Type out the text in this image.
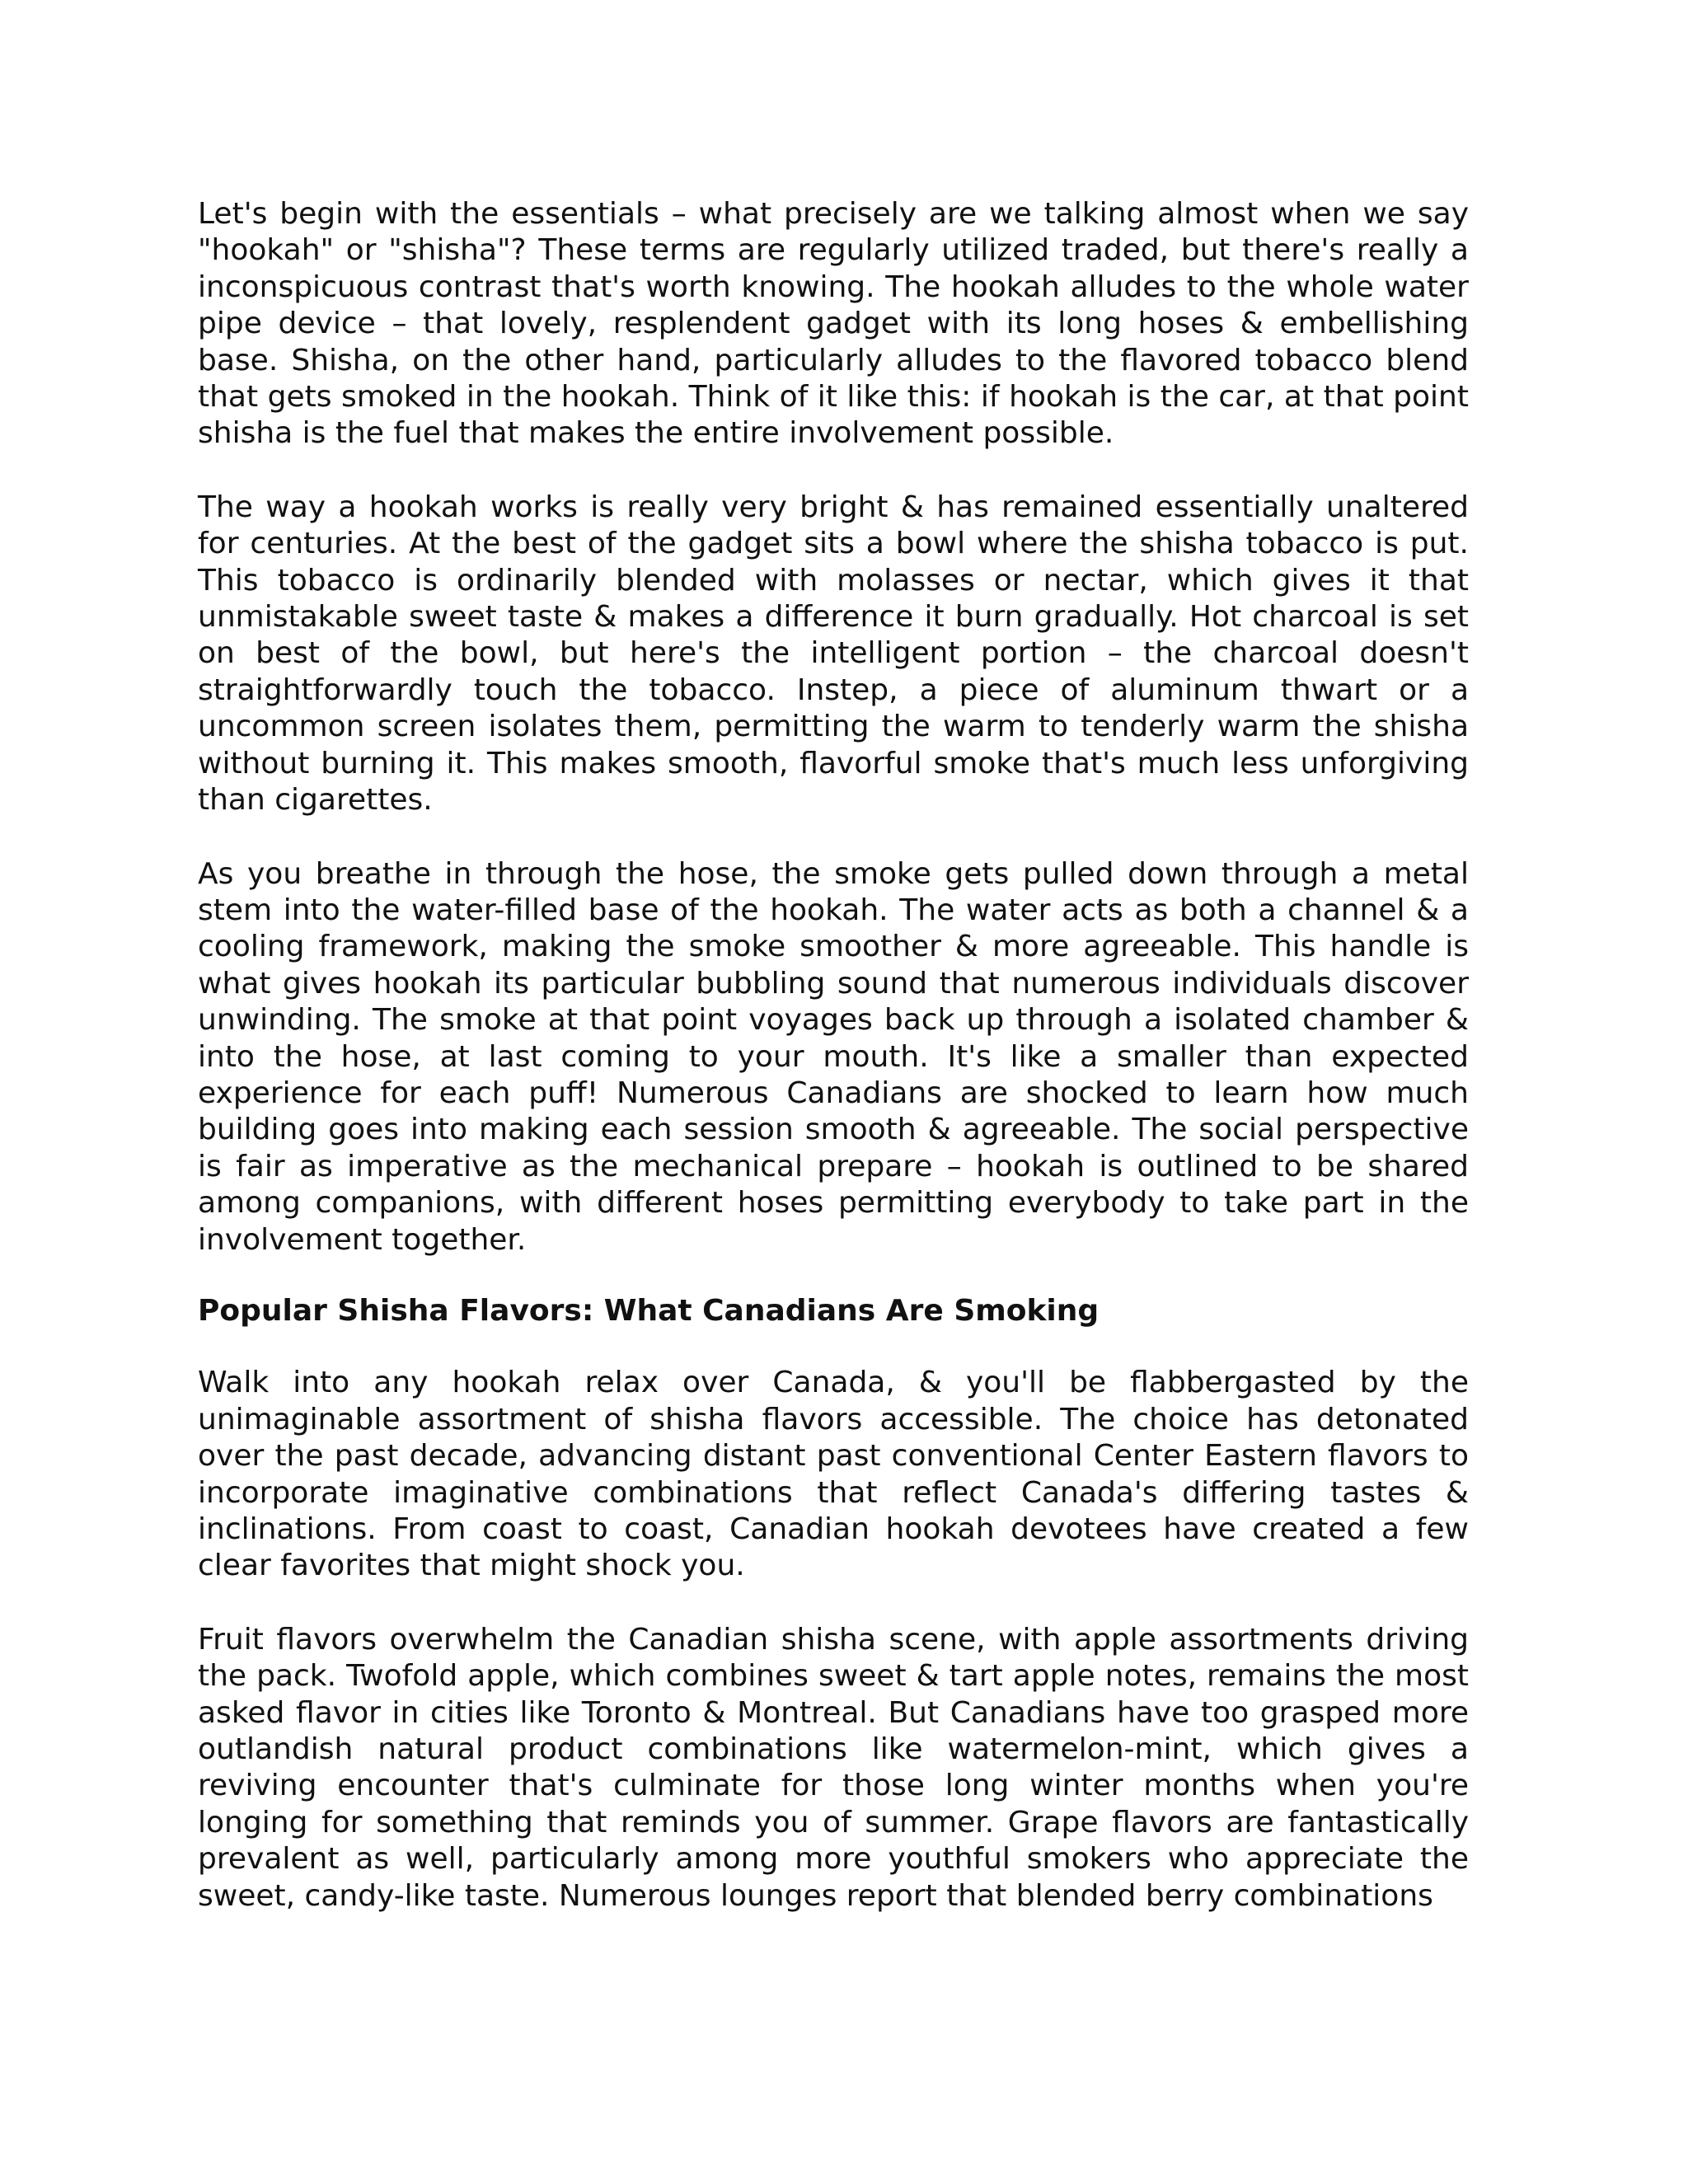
Let's begin with the essentials – what precisely are we talking almost when we say "hookah" or "shisha"? These terms are regularly utilized traded, but there's really a inconspicuous contrast that's worth knowing. The hookah alludes to the whole water pipe device – that lovely, resplendent gadget with its long hoses & embellishing base. Shisha, on the other hand, particularly alludes to the flavored tobacco blend that gets smoked in the hookah. Think of it like this: if hookah is the car, at that point shisha is the fuel that makes the entire involvement possible.

The way a hookah works is really very bright & has remained essentially unaltered for centuries. At the best of the gadget sits a bowl where the shisha tobacco is put. This tobacco is ordinarily blended with molasses or nectar, which gives it that unmistakable sweet taste & makes a difference it burn gradually. Hot charcoal is set on best of the bowl, but here's the intelligent portion – the charcoal doesn't straightforwardly touch the tobacco. Instep, a piece of aluminum thwart or a uncommon screen isolates them, permitting the warm to tenderly warm the shisha without burning it. This makes smooth, flavorful smoke that's much less unforgiving than cigarettes.

As you breathe in through the hose, the smoke gets pulled down through a metal stem into the water-filled base of the hookah. The water acts as both a channel & a cooling framework, making the smoke smoother & more agreeable. This handle is what gives hookah its particular bubbling sound that numerous individuals discover unwinding. The smoke at that point voyages back up through a isolated chamber & into the hose, at last coming to your mouth. It's like a smaller than expected experience for each puff! Numerous Canadians are shocked to learn how much building goes into making each session smooth & agreeable. The social perspective is fair as imperative as the mechanical prepare – hookah is outlined to be shared among companions, with different hoses permitting everybody to take part in the involvement together.

Popular Shisha Flavors: What Canadians Are Smoking

Walk into any hookah relax over Canada, & you'll be flabbergasted by the unimaginable assortment of shisha flavors accessible. The choice has detonated over the past decade, advancing distant past conventional Center Eastern flavors to incorporate imaginative combinations that reflect Canada's differing tastes & inclinations. From coast to coast, Canadian hookah devotees have created a few clear favorites that might shock you.

Fruit flavors overwhelm the Canadian shisha scene, with apple assortments driving the pack. Twofold apple, which combines sweet & tart apple notes, remains the most asked flavor in cities like Toronto & Montreal. But Canadians have too grasped more outlandish natural product combinations like watermelon-mint, which gives a reviving encounter that's culminate for those long winter months when you're longing for something that reminds you of summer. Grape flavors are fantastically prevalent as well, particularly among more youthful smokers who appreciate the sweet, candy-like taste. Numerous lounges report that blended berry combinations
